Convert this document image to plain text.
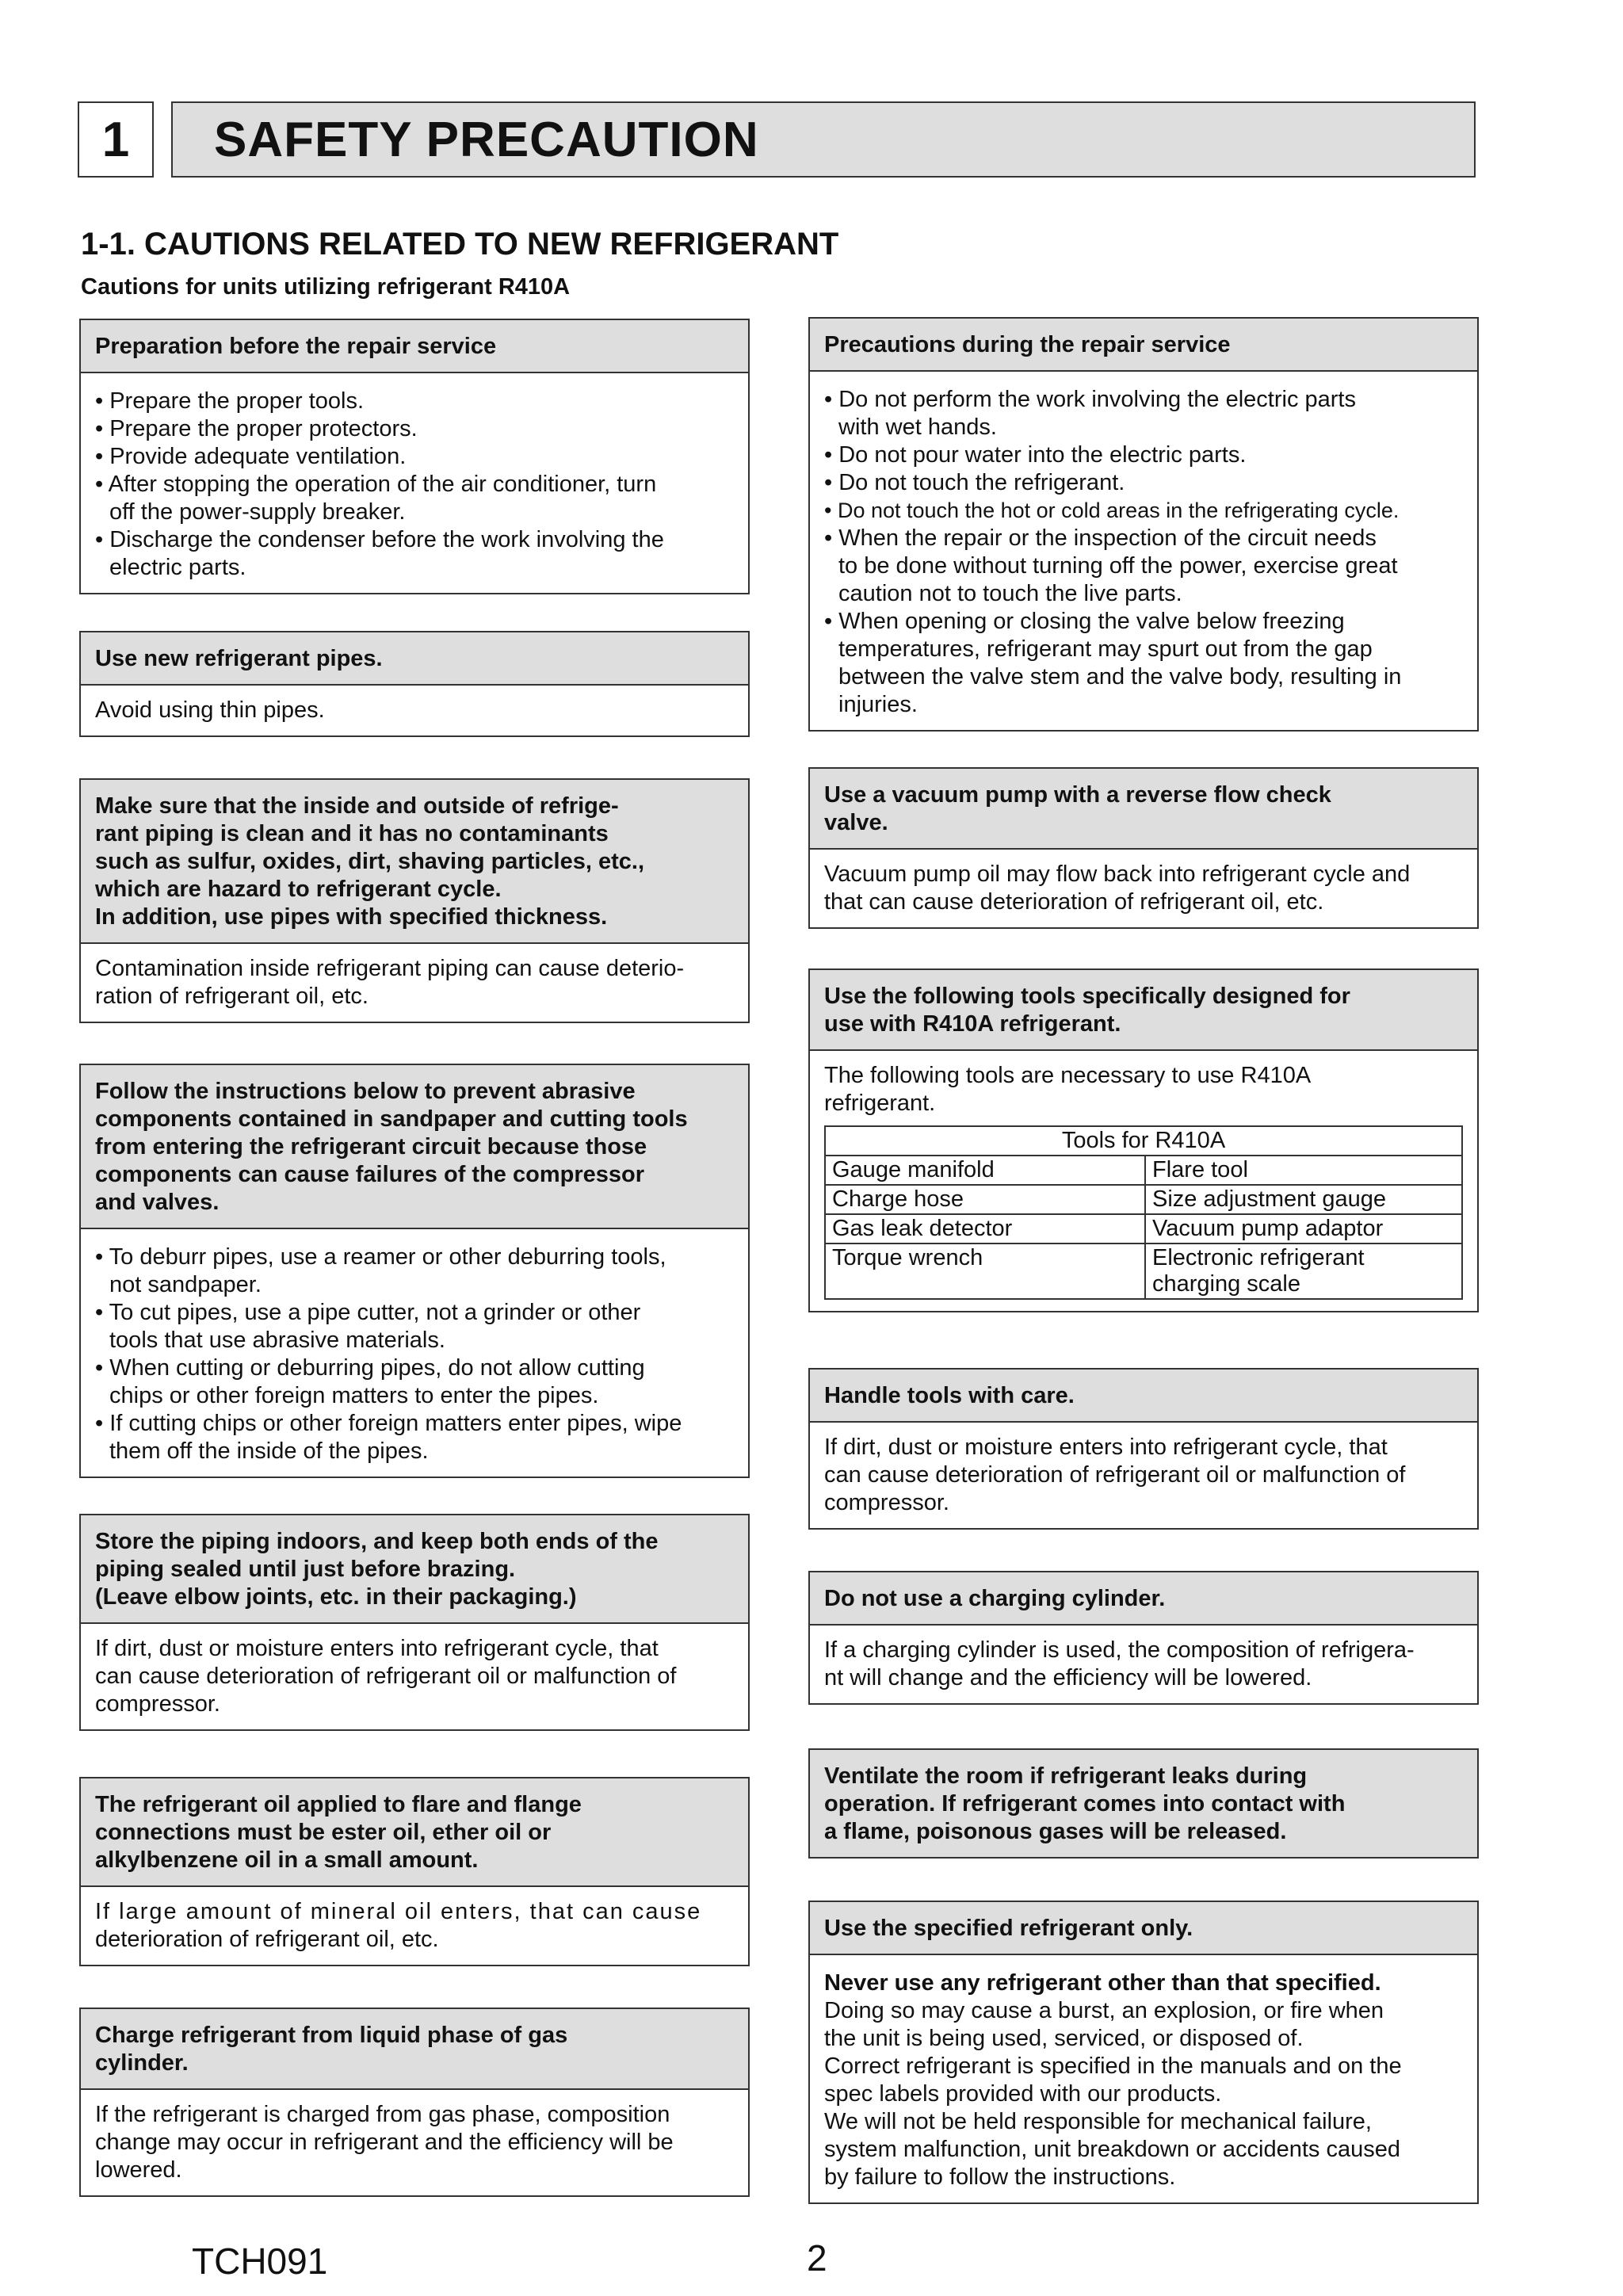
1	SAFETY PRECAUTION
1-1. CAUTIONS RELATED TO NEW REFRIGERANT
Cautions for units utilizing refrigerant R410A
Preparation before the repair service
• Prepare the proper tools.
• Prepare the proper protectors.
• Provide adequate ventilation.
• After stopping the operation of the air conditioner, turn
off the power-supply breaker.
• Discharge the condenser before the work involving the
electric parts.
Use new refrigerant pipes.
Avoid using thin pipes.
Make sure that the inside and outside of refrige-
rant piping is clean and it has no contaminants
such as sulfur, oxides, dirt, shaving particles, etc.,
which are hazard to refrigerant cycle.
In addition, use pipes with specified thickness.
Contamination inside refrigerant piping can cause deterio-
ration of refrigerant oil, etc.
Follow the instructions below to prevent abrasive
components contained in sandpaper and cutting tools
from entering the refrigerant circuit because those
components can cause failures of the compressor
and valves.
• To deburr pipes, use a reamer or other deburring tools,
not sandpaper.
• To cut pipes, use a pipe cutter, not a grinder or other
tools that use abrasive materials.
• When cutting or deburring pipes, do not allow cutting
chips or other foreign matters to enter the pipes.
• If cutting chips or other foreign matters enter pipes, wipe
them off the inside of the pipes.
Store the piping indoors, and keep both ends of the
piping sealed until just before brazing.
(Leave elbow joints, etc. in their packaging.)
If dirt, dust or moisture enters into refrigerant cycle, that
can cause deterioration of refrigerant oil or malfunction of
compressor.
The refrigerant oil applied to flare and flange
connections must be ester oil, ether oil or
alkylbenzene oil in a small amount.
If large amount of mineral oil enters, that can cause
deterioration of refrigerant oil, etc.
Charge refrigerant from liquid phase of gas
cylinder.
If the refrigerant is charged from gas phase, composition
change may occur in refrigerant and the efficiency will be
lowered.
Precautions during the repair service
• Do not perform the work involving the electric parts
with wet hands.
• Do not pour water into the electric parts.
• Do not touch the refrigerant.
• Do not touch the hot or cold areas in the refrigerating cycle.
• When the repair or the inspection of the circuit needs
to be done without turning off the power, exercise great
caution not to touch the live parts.
• When opening or closing the valve below freezing
temperatures, refrigerant may spurt out from the gap
between the valve stem and the valve body, resulting in
injuries.
Use a vacuum pump with a reverse flow check
valve.
Vacuum pump oil may flow back into refrigerant cycle and
that can cause deterioration of refrigerant oil, etc.
Use the following tools specifically designed for
use with R410A refrigerant.
The following tools are necessary to use R410A
refrigerant.
Tools for R410A	
Gauge manifold	Flare tool
Charge hose	Size adjustment gauge
Gas leak detector	Vacuum pump adaptor
Torque wrench	Electronic refrigerant
charging scale
Handle tools with care.
If dirt, dust or moisture enters into refrigerant cycle, that
can cause deterioration of refrigerant oil or malfunction of
compressor.
Do not use a charging cylinder.
If a charging cylinder is used, the composition of refrigera-
nt will change and the efficiency will be lowered.
Ventilate the room if refrigerant leaks during
operation. If refrigerant comes into contact with
a flame, poisonous gases will be released.
Use the specified refrigerant only.
Never use any refrigerant other than that specified.
Doing so may cause a burst, an explosion, or fire when
the unit is being used, serviced, or disposed of.
Correct refrigerant is specified in the manuals and on the
spec labels provided with our products.
We will not be held responsible for mechanical failure,
system malfunction, unit breakdown or accidents caused
by failure to follow the instructions.
TCH091	2
